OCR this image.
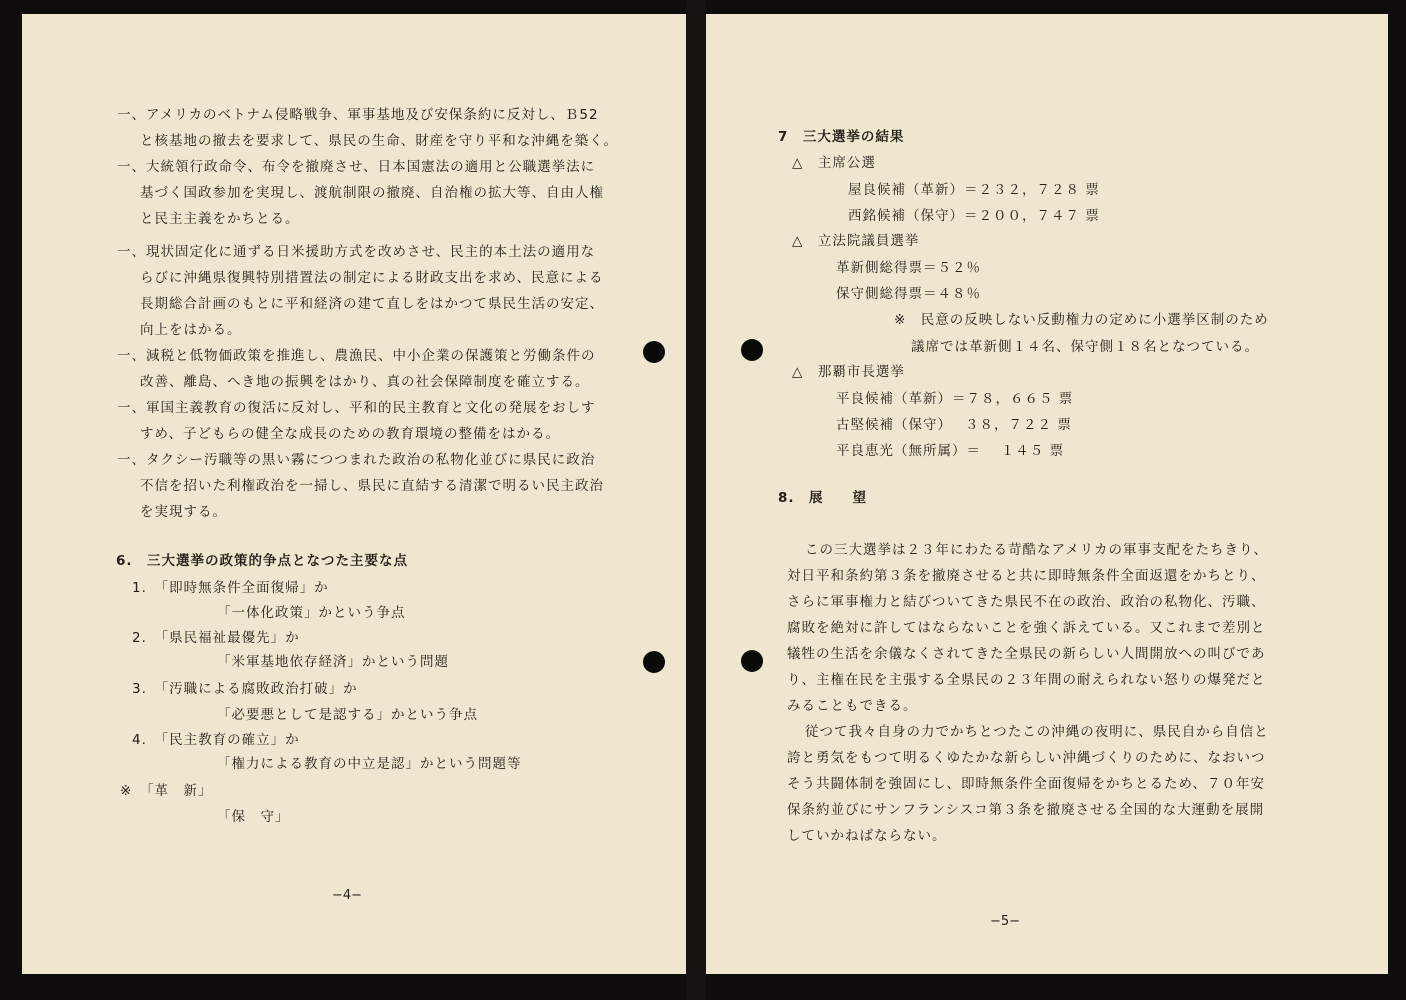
一、アメリカのベトナム侵略戦争、軍事基地及び安保条約に反対し、Ｂ52
と核基地の撤去を要求して、県民の生命、財産を守り平和な沖縄を築く。
一、大統領行政命令、布令を撤廃させ、日本国憲法の適用と公職選挙法に
基づく国政参加を実現し、渡航制限の撤廃、自治権の拡大等、自由人権
と民主主義をかちとる。
一、現状固定化に通ずる日米援助方式を改めさせ、民主的本土法の適用な
らびに沖縄県復興特別措置法の制定による財政支出を求め、民意による
長期総合計画のもとに平和経済の建て直しをはかつて県民生活の安定、
向上をはかる。
一、減税と低物価政策を推進し、農漁民、中小企業の保護策と労働条件の
改善、離島、へき地の振興をはかり、真の社会保障制度を確立する。
一、軍国主義教育の復活に反対し、平和的民主教育と文化の発展をおしす
すめ、子どもらの健全な成長のための教育環境の整備をはかる。
一、タクシー汚職等の黒い霧につつまれた政治の私物化並びに県民に政治
不信を招いた利権政治を一掃し、県民に直結する清潔で明るい民主政治
を実現する。
6.　三大選挙の政策的争点となつた主要な点
1.　「即時無条件全面復帰」か
「一体化政策」かという争点
2.　「県民福祉最優先」か
「米軍基地依存経済」かという問題
3.　「汚職による腐敗政治打破」か
「必要悪として是認する」かという争点
4.　「民主教育の確立」か
「権力による教育の中立是認」かという問題等
※　「革　新」
「保　守」
−4−
7　三大選挙の結果
△　主席公選
屋良候補（革新）＝２３２，７２８ 票
西銘候補（保守）＝２００，７４７ 票
△　立法院議員選挙
革新側総得票＝５２％
保守側総得票＝４８％
※　民意の反映しない反動権力の定めに小選挙区制のため
議席では革新側１４名、保守側１８名となつている。
△　那覇市長選挙
平良候補（革新）＝７８，６６５ 票
古堅候補（保守）　 ３８，７２２ 票
平良恵光（無所属）＝　 １４５ 票
8.　展　　望
この三大選挙は２３年にわたる苛酷なアメリカの軍事支配をたちきり、
対日平和条約第３条を撤廃させると共に即時無条件全面返還をかちとり、
さらに軍事権力と結びついてきた県民不在の政治、政治の私物化、汚職、
腐敗を絶対に許してはならないことを強く訴えている。又これまで差別と
犠牲の生活を余儀なくされてきた全県民の新らしい人間開放への叫びであ
り、主権在民を主張する全県民の２３年間の耐えられない怒りの爆発だと
みることもできる。
従つて我々自身の力でかちとつたこの沖縄の夜明に、県民自から自信と
誇と勇気をもつて明るくゆたかな新らしい沖縄づくりのために、なおいつ
そう共闘体制を強固にし、即時無条件全面復帰をかちとるため、７０年安
保条約並びにサンフランシスコ第３条を撤廃させる全国的な大運動を展開
していかねばならない。
−5−
